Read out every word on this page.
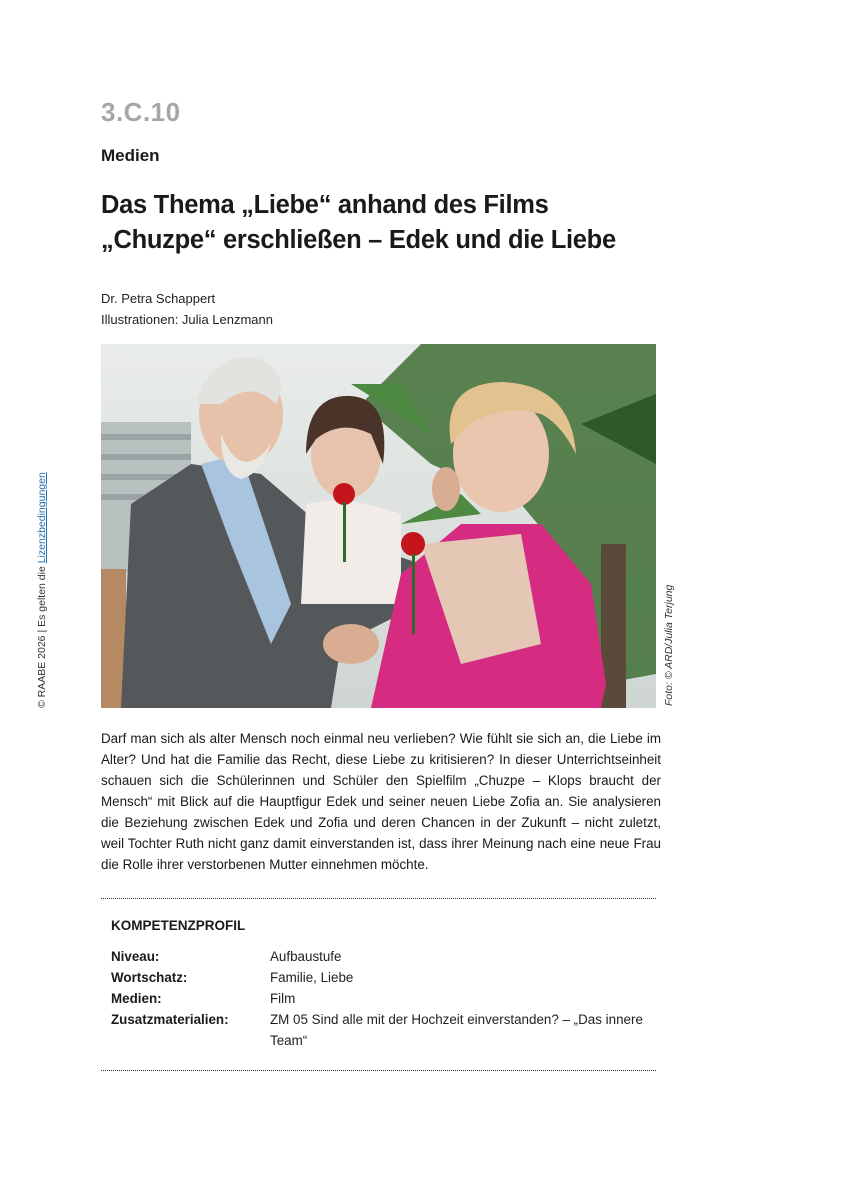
3.C.10
Medien
Das Thema „Liebe“ anhand des Films
„Chuzpe“ erschließen – Edek und die Liebe
Dr. Petra Schappert
Illustrationen: Julia Lenzmann
Foto: © ARD/Julia Terjung
© RAABE 2026 | Es gelten die Lizenzbedingungen
Darf man sich als alter Mensch noch einmal neu verlieben? Wie fühlt sie sich an, die Liebe im Alter? Und hat die Familie das Recht, diese Liebe zu kritisieren? In dieser Unterrichtseinheit schauen sich die Schülerinnen und Schüler den Spielfilm „Chuzpe – Klops braucht der Mensch“ mit Blick auf die Hauptfigur Edek und seiner neuen Liebe Zofia an. Sie analysieren die Beziehung zwischen Edek und Zofia und deren Chancen in der Zukunft – nicht zuletzt, weil Tochter Ruth nicht ganz damit einverstanden ist, dass ihrer Meinung nach eine neue Frau die Rolle ihrer verstorbenen Mutter einnehmen möchte.
KOMPETENZPROFIL
Niveau:	Aufbaustufe
Wortschatz:	Familie, Liebe
Medien:	Film
Zusatzmaterialien:	ZM 05 Sind alle mit der Hochzeit einverstanden? – „Das innere Team“
